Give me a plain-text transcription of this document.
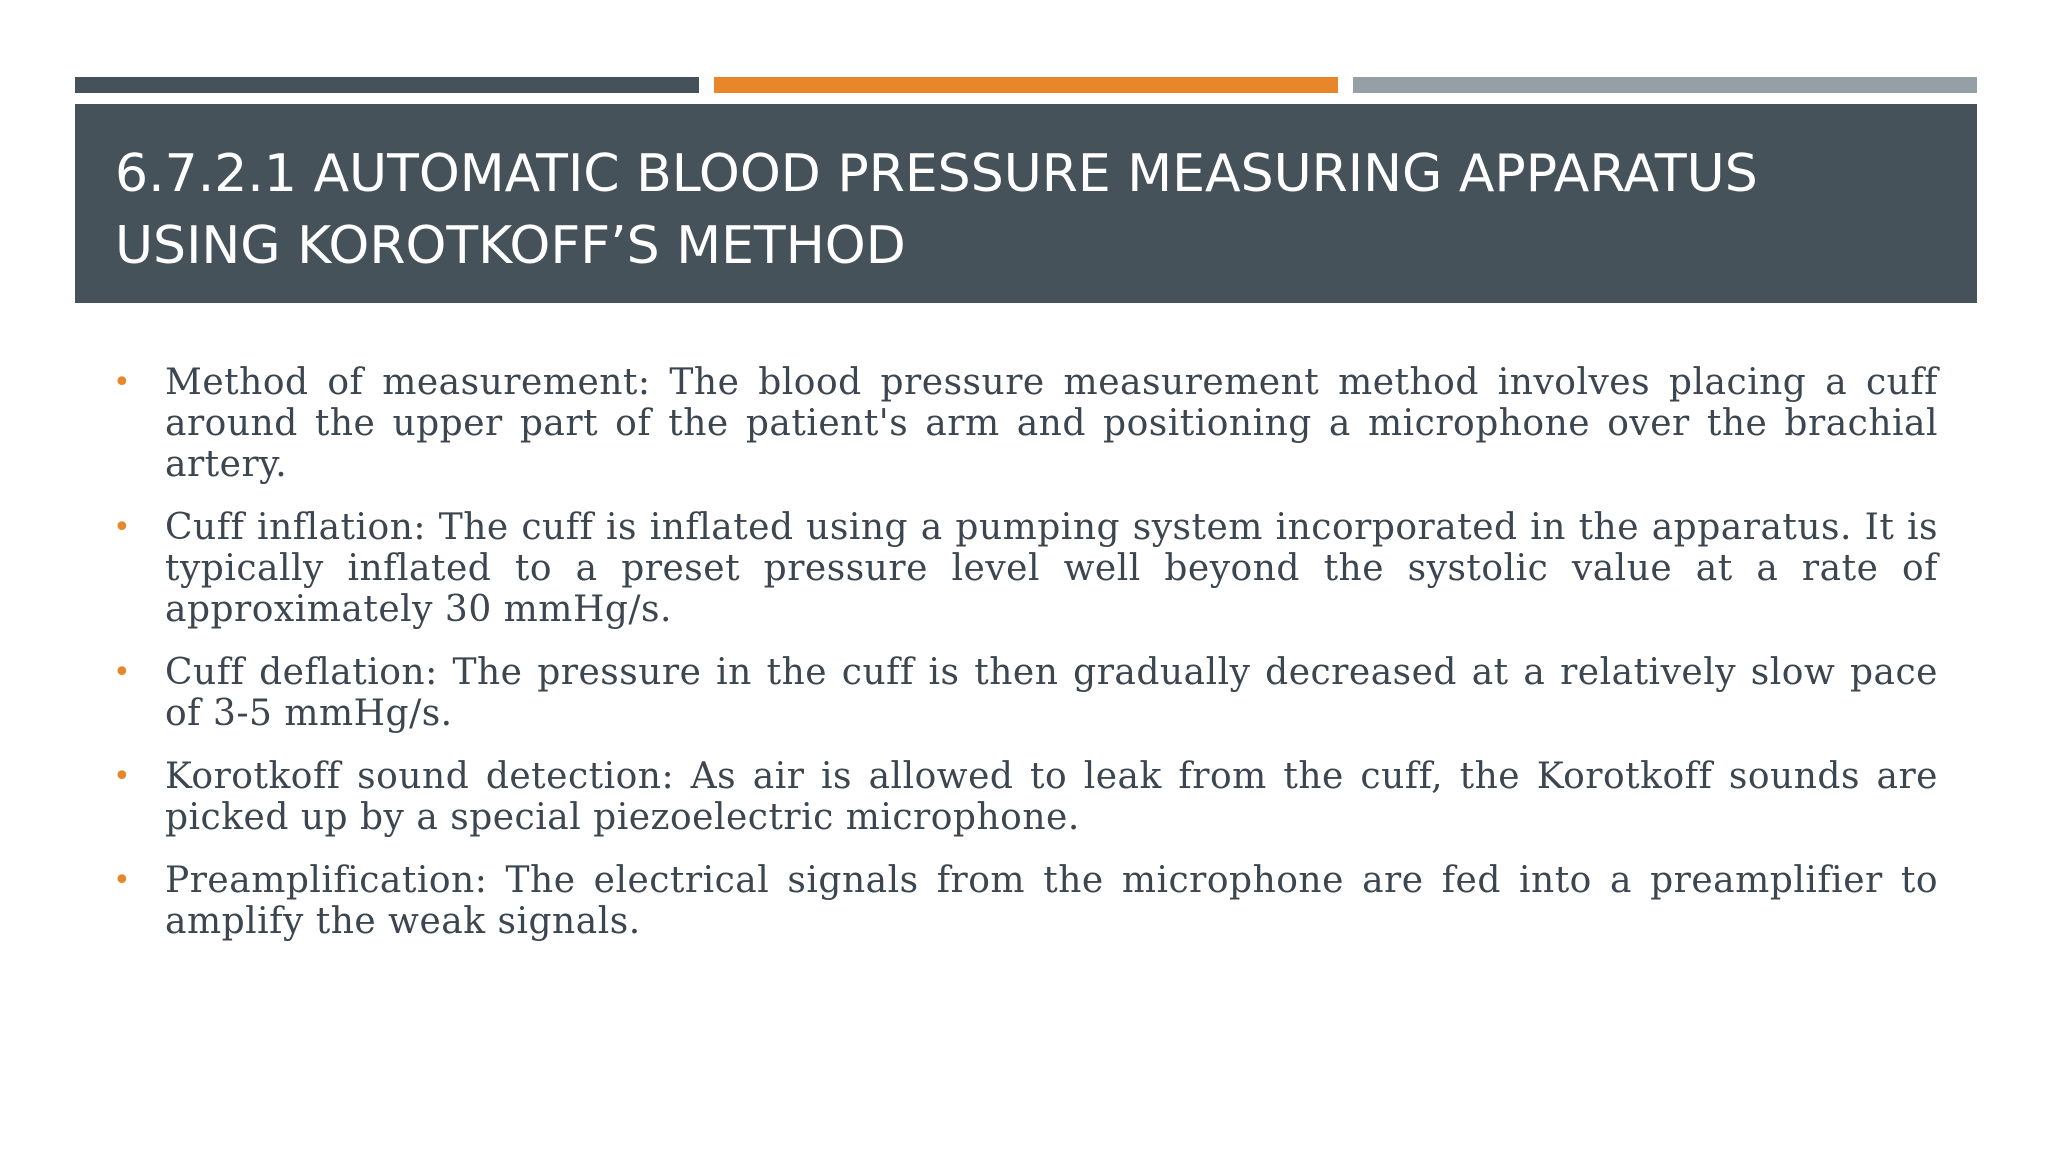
6.7.2.1 AUTOMATIC BLOOD PRESSURE MEASURING APPARATUS USING KOROTKOFF’S METHOD
• Method of measurement: The blood pressure measurement method involves placing a cuff around the upper part of the patient's arm and positioning a microphone over the brachial artery.

• Cuff inflation: The cuff is inflated using a pumping system incorporated in the apparatus. It is typically inflated to a preset pressure level well beyond the systolic value at a rate of approximately 30 mmHg/s.

• Cuff deflation: The pressure in the cuff is then gradually decreased at a relatively slow pace of 3-5 mmHg/s.

• Korotkoff sound detection: As air is allowed to leak from the cuff, the Korotkoff sounds are picked up by a special piezoelectric microphone.

• Preamplification: The electrical signals from the microphone are fed into a preamplifier to amplify the weak signals.
